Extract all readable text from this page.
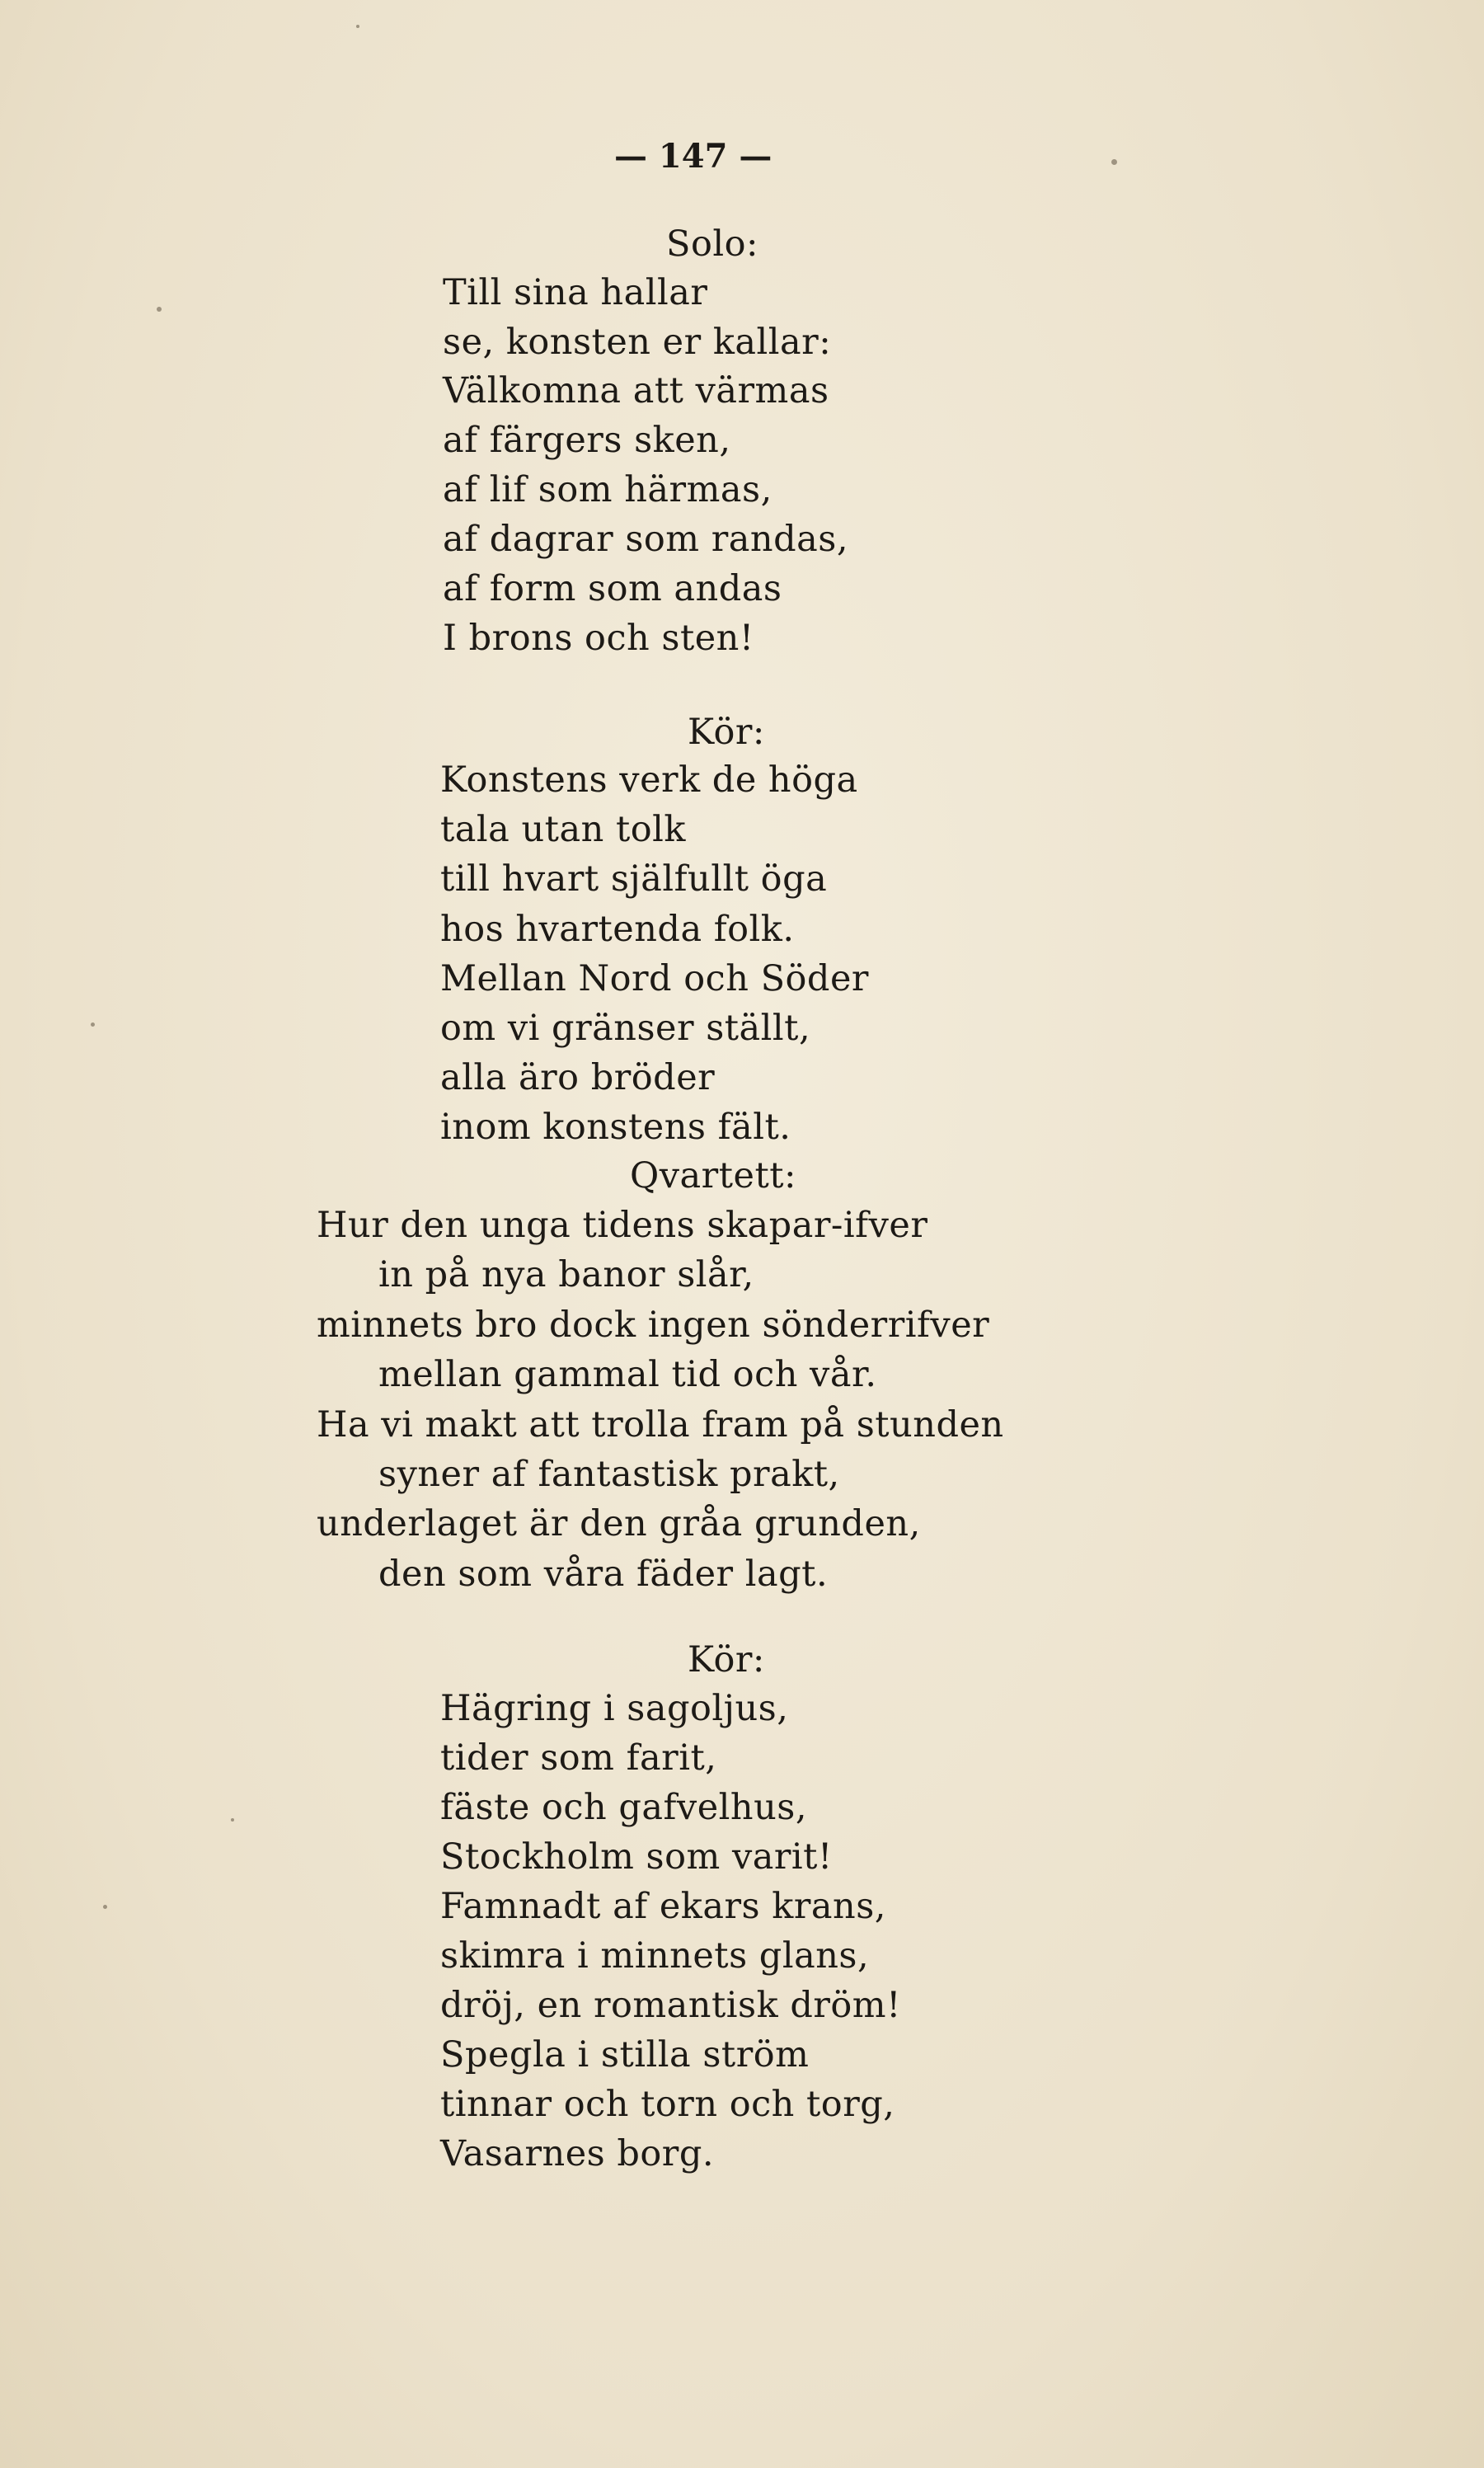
— 147 —
Solo:
Till sina hallar
se, konsten er kallar:
Välkomna att värmas
af färgers sken,
af lif som härmas,
af dagrar som randas,
af form som andas
I brons och sten!
Kör:
Konstens verk de höga
tala utan tolk
till hvart själfullt öga
hos hvartenda folk.
Mellan Nord och Söder
om vi gränser ställt,
alla äro bröder
inom konstens fält.
Qvartett:
Hur den unga tidens skapar-ifver
in på nya banor slår,
minnets bro dock ingen sönderrifver
mellan gammal tid och vår.
Ha vi makt att trolla fram på stunden
syner af fantastisk prakt,
underlaget är den gråa grunden,
den som våra fäder lagt.
Kör:
Hägring i sagoljus,
tider som farit,
fäste och gafvelhus,
Stockholm som varit!
Famnadt af ekars krans,
skimra i minnets glans,
dröj, en romantisk dröm!
Spegla i stilla ström
tinnar och torn och torg,
Vasarnes borg.
